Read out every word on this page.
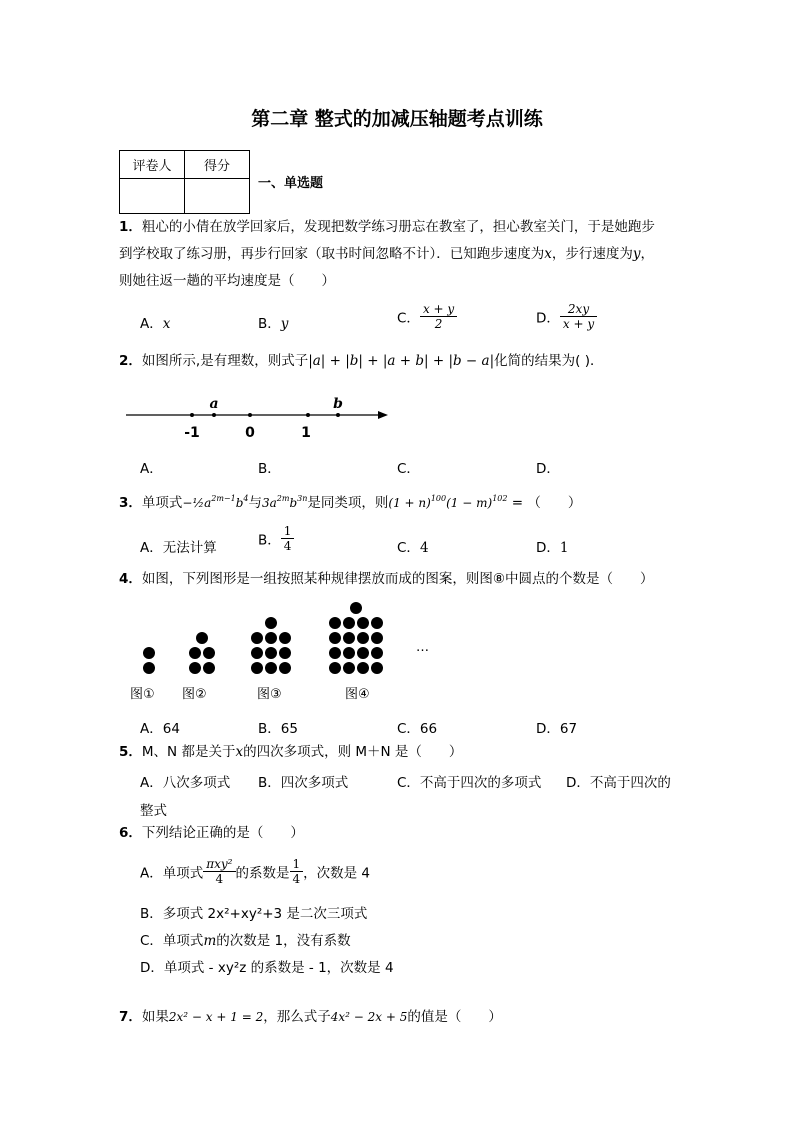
第二章 整式的加减压轴题考点训练
评卷人	得分

一、单选题
1．粗心的小倩在放学回家后，发现把数学练习册忘在教室了，担心教室关门，于是她跑步
到学校取了练习册，再步行回家（取书时间忽略不计）．已知跑步速度为x，步行速度为y，
则她往返一趟的平均速度是（　　）
A．x	B．y	C． $\frac{x + y}{2}$	D． $\frac{2xy}{x + y}$
2．如图所示,是有理数，则式子|a| + |b| + |a + b| + |b − a|化简的结果为( )．
a	b
-1	0	1
A．	B．	C．	D．
3．单项式$-\frac{1}{2}a^{2m-1}b^4$与$3a^{2m}b^{3n}$是同类项，则$(1 + n)^{100}(1 - m)^{102}$ = （　　）
A．无法计算	B． $\frac{1}{4}$	C．4	D．1
4．如图，下列图形是一组按照某种规律摆放而成的图案，则图⑧中圆点的个数是（　　）
…
图① 图②	图③	图④
A．64	B．65	C．66	D．67
5．M、N 都是关于x的四次多项式，则 M＋N 是（　　）
A．八次多项式 B．四次多项式	C．不高于四次的多项式 D．不高于四次的
整式
6．下列结论正确的是（　　）
A．单项式 $\frac{\text{πxy²}}{4}$ 的系数是 $\frac{1}{4}$ ，次数是 4
B．多项式 2x²+xy²+3 是二次三项式
C．单项式m的次数是 1，没有系数
D．单项式 - xy²z 的系数是 - 1，次数是 4
7．如果2x² − x + 1 = 2，那么式子4x² − 2x + 5的值是（　　）
